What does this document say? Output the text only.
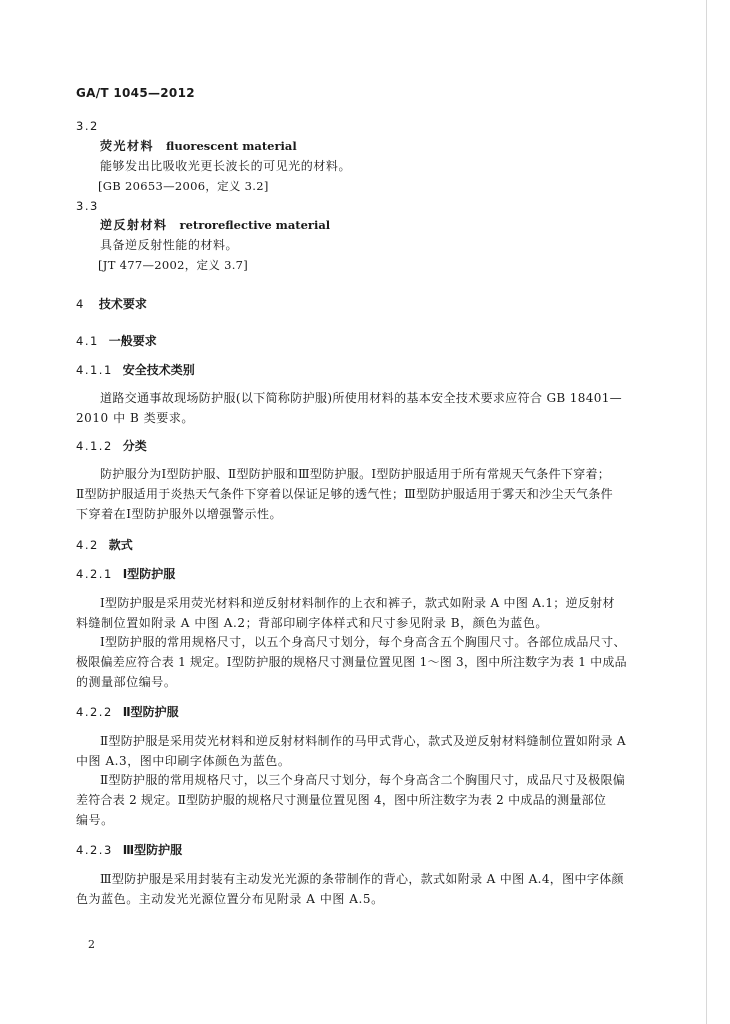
GA/T 1045—2012
3.2
荧光材料 fluorescent material
能够发出比吸收光更长波长的可见光的材料。
[GB 20653—2006，定义 3.2]
3.3
逆反射材料 retroreflective material
具备逆反射性能的材料。
[JT 477—2002，定义 3.7]
4 技术要求
4.1 一般要求
4.1.1 安全技术类别
道路交通事故现场防护服(以下简称防护服)所使用材料的基本安全技术要求应符合 GB 18401—
2010 中 B 类要求。
4.1.2 分类
防护服分为Ⅰ型防护服、Ⅱ型防护服和Ⅲ型防护服。Ⅰ型防护服适用于所有常规天气条件下穿着；
Ⅱ型防护服适用于炎热天气条件下穿着以保证足够的透气性；Ⅲ型防护服适用于雾天和沙尘天气条件
下穿着在Ⅰ型防护服外以增强警示性。
4.2 款式
4.2.1 Ⅰ型防护服
Ⅰ型防护服是采用荧光材料和逆反射材料制作的上衣和裤子，款式如附录 A 中图 A.1；逆反射材
料缝制位置如附录 A 中图 A.2；背部印刷字体样式和尺寸参见附录 B，颜色为蓝色。
Ⅰ型防护服的常用规格尺寸，以五个身高尺寸划分，每个身高含五个胸围尺寸。各部位成品尺寸、
极限偏差应符合表 1 规定。Ⅰ型防护服的规格尺寸测量位置见图 1～图 3，图中所注数字为表 1 中成品
的测量部位编号。
4.2.2 Ⅱ型防护服
Ⅱ型防护服是采用荧光材料和逆反射材料制作的马甲式背心，款式及逆反射材料缝制位置如附录 A
中图 A.3，图中印刷字体颜色为蓝色。
Ⅱ型防护服的常用规格尺寸，以三个身高尺寸划分，每个身高含二个胸围尺寸，成品尺寸及极限偏
差符合表 2 规定。Ⅱ型防护服的规格尺寸测量位置见图 4，图中所注数字为表 2 中成品的测量部位
编号。
4.2.3 Ⅲ型防护服
Ⅲ型防护服是采用封装有主动发光光源的条带制作的背心，款式如附录 A 中图 A.4，图中字体颜
色为蓝色。主动发光光源位置分布见附录 A 中图 A.5。
2
